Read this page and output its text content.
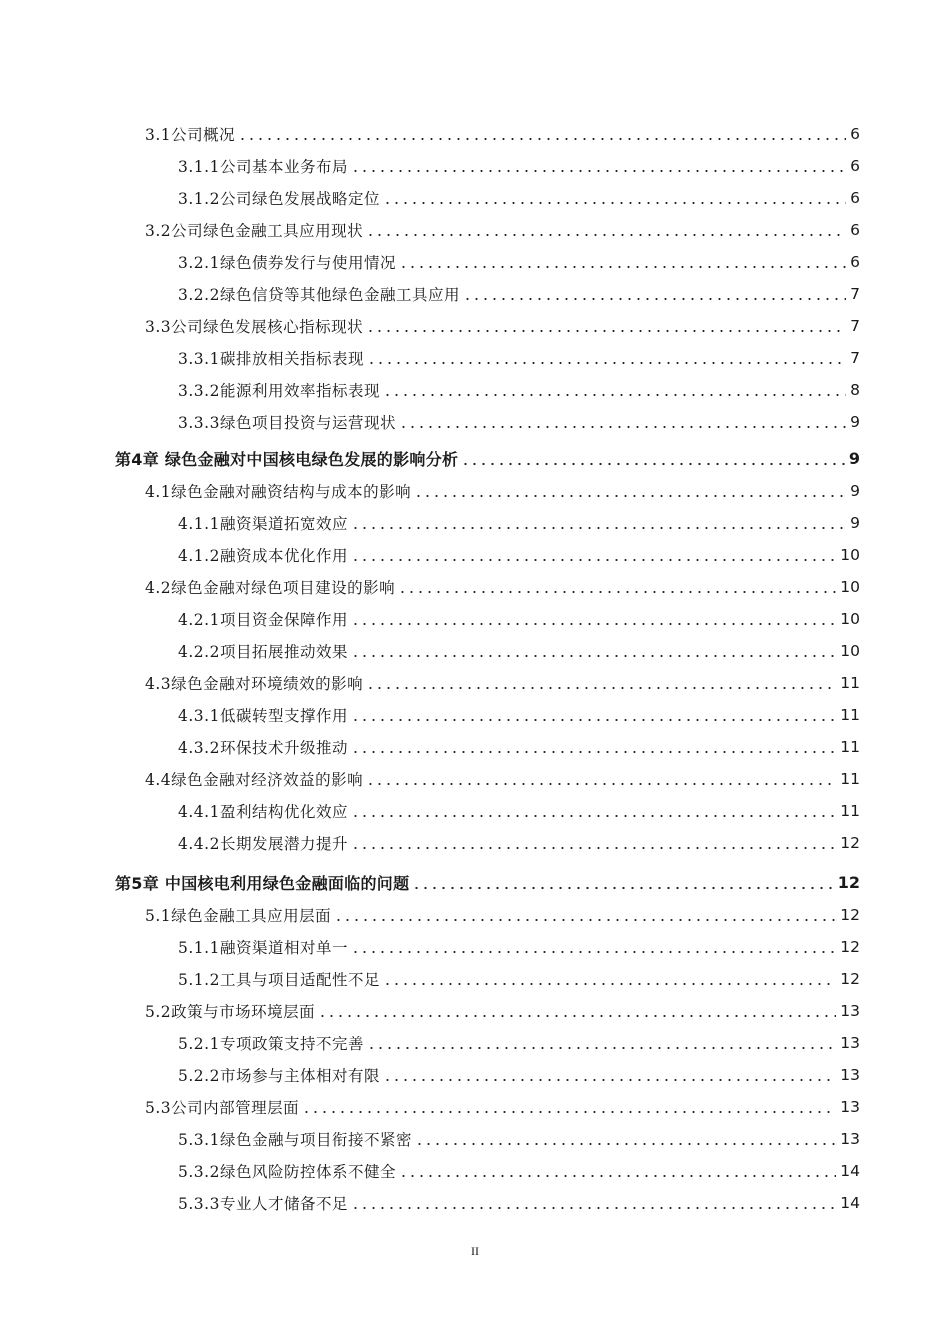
3.1公司概况	6
3.1.1公司基本业务布局	6
3.1.2公司绿色发展战略定位	6
3.2公司绿色金融工具应用现状	6
3.2.1绿色债券发行与使用情况	6
3.2.2绿色信贷等其他绿色金融工具应用	7
3.3公司绿色发展核心指标现状	7
3.3.1碳排放相关指标表现	7
3.3.2能源利用效率指标表现	8
3.3.3绿色项目投资与运营现状	9
第4章 绿色金融对中国核电绿色发展的影响分析	9
4.1绿色金融对融资结构与成本的影响	9
4.1.1融资渠道拓宽效应	9
4.1.2融资成本优化作用	10
4.2绿色金融对绿色项目建设的影响	10
4.2.1项目资金保障作用	10
4.2.2项目拓展推动效果	10
4.3绿色金融对环境绩效的影响	11
4.3.1低碳转型支撑作用	11
4.3.2环保技术升级推动	11
4.4绿色金融对经济效益的影响	11
4.4.1盈利结构优化效应	11
4.4.2长期发展潜力提升	12
第5章 中国核电利用绿色金融面临的问题	12
5.1绿色金融工具应用层面	12
5.1.1融资渠道相对单一	12
5.1.2工具与项目适配性不足	12
5.2政策与市场环境层面	13
5.2.1专项政策支持不完善	13
5.2.2市场参与主体相对有限	13
5.3公司内部管理层面	13
5.3.1绿色金融与项目衔接不紧密	13
5.3.2绿色风险防控体系不健全	14
5.3.3专业人才储备不足	14
II
